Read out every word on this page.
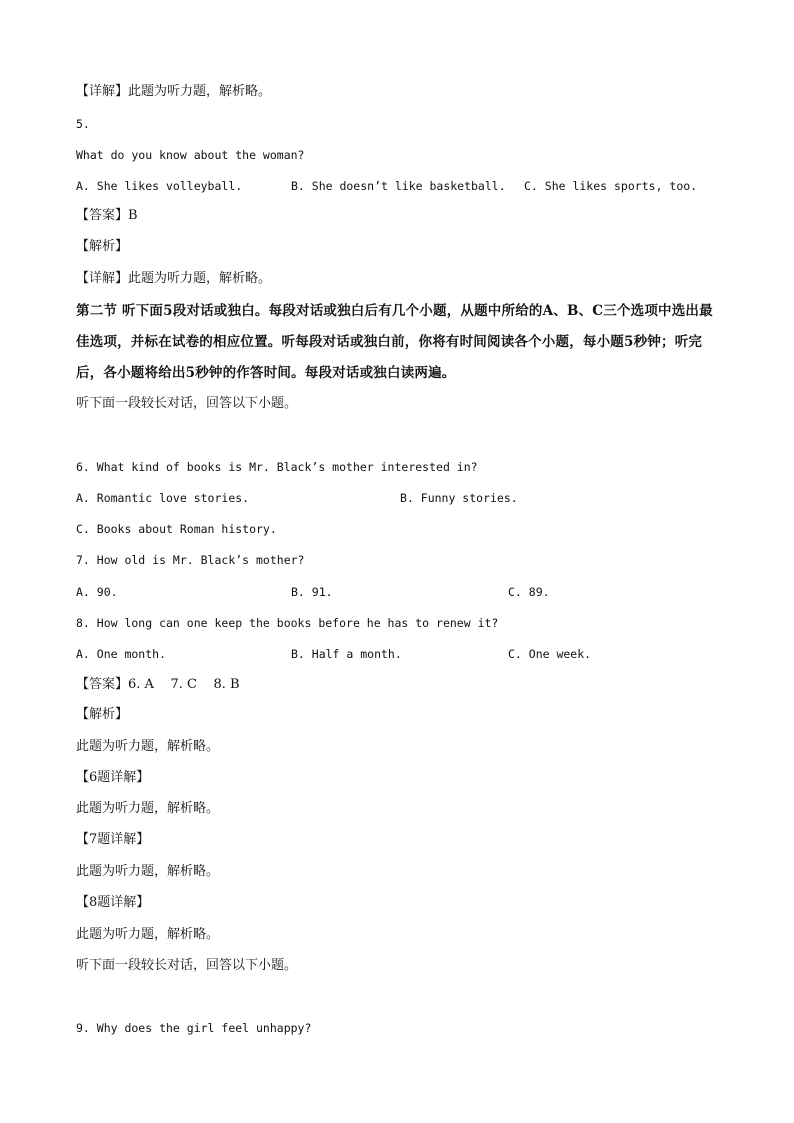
【详解】此题为听力题，解析略。
5.
What do you know about the woman?
A. She likes volleyball.	B. She doesn’t like basketball. C. She likes sports, too.
【答案】B
【解析】
【详解】此题为听力题，解析略。
第二节 听下面5段对话或独白。每段对话或独白后有几个小题，从题中所给的A、B、C三个选项中选出最
佳选项，并标在试卷的相应位置。听每段对话或独白前，你将有时间阅读各个小题，每小题5秒钟；听完
后，各小题将给出5秒钟的作答时间。每段对话或独白读两遍。
听下面一段较长对话，回答以下小题。
6. What kind of books is Mr. Black’s mother interested in?
A. Romantic love stories.	B. Funny stories.
C. Books about Roman history.
7. How old is Mr. Black’s mother?
A. 90.	B. 91.	C. 89.
8. How long can one keep the books before he has to renew it?
A. One month.	B. Half a month.	C. One week.
【答案】6. A    7. C    8. B
【解析】
此题为听力题，解析略。
【6题详解】
此题为听力题，解析略。
【7题详解】
此题为听力题，解析略。
【8题详解】
此题为听力题，解析略。
听下面一段较长对话，回答以下小题。
9. Why does the girl feel unhappy?
